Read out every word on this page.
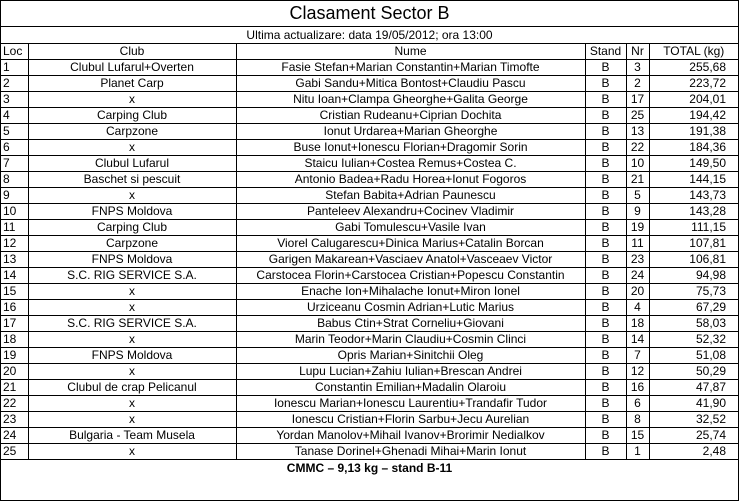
Clasament Sector B
Ultima actualizare: data 19/05/2012; ora 13:00
Loc	Club	Nume	Stand	Nr	TOTAL (kg)
1	Clubul Lufarul+Overten	Fasie Stefan+Marian Constantin+Marian Timofte	B	3	255,68
2	Planet Carp	Gabi Sandu+Mitica Bontost+Claudiu Pascu	B	2	223,72
3	x	Nitu Ioan+Clampa Gheorghe+Galita George	B	17	204,01
4	Carping Club	Cristian Rudeanu+Ciprian Dochita	B	25	194,42
5	Carpzone	Ionut Urdarea+Marian Gheorghe	B	13	191,38
6	x	Buse Ionut+Ionescu Florian+Dragomir Sorin	B	22	184,36
7	Clubul Lufarul	Staicu Iulian+Costea Remus+Costea C.	B	10	149,50
8	Baschet si pescuit	Antonio Badea+Radu Horea+Ionut Fogoros	B	21	144,15
9	x	Stefan Babita+Adrian Paunescu	B	5	143,73
10	FNPS Moldova	Panteleev Alexandru+Cocinev Vladimir	B	9	143,28
11	Carping Club	Gabi Tomulescu+Vasile Ivan	B	19	111,15
12	Carpzone	Viorel Calugarescu+Dinica Marius+Catalin Borcan	B	11	107,81
13	FNPS Moldova	Garigen Makarean+Vasciaev Anatol+Vasceaev Victor	B	23	106,81
14	S.C. RIG SERVICE S.A.	Carstocea Florin+Carstocea Cristian+Popescu Constantin	B	24	94,98
15	x	Enache Ion+Mihalache Ionut+Miron Ionel	B	20	75,73
16	x	Urziceanu Cosmin Adrian+Lutic Marius	B	4	67,29
17	S.C. RIG SERVICE S.A.	Babus Ctin+Strat Corneliu+Giovani	B	18	58,03
18	x	Marin Teodor+Marin Claudiu+Cosmin Clinci	B	14	52,32
19	FNPS Moldova	Opris Marian+Sinitchii Oleg	B	7	51,08
20	x	Lupu Lucian+Zahiu Iulian+Brescan Andrei	B	12	50,29
21	Clubul de crap Pelicanul	Constantin Emilian+Madalin Olaroiu	B	16	47,87
22	x	Ionescu Marian+Ionescu Laurentiu+Trandafir Tudor	B	6	41,90
23	x	Ionescu Cristian+Florin Sarbu+Jecu Aurelian	B	8	32,52
24	Bulgaria - Team Musela	Yordan Manolov+Mihail Ivanov+Brorimir Nedialkov	B	15	25,74
25	x	Tanase Dorinel+Ghenadi Mihai+Marin Ionut	B	1	2,48
CMMC – 9,13 kg – stand B-11
